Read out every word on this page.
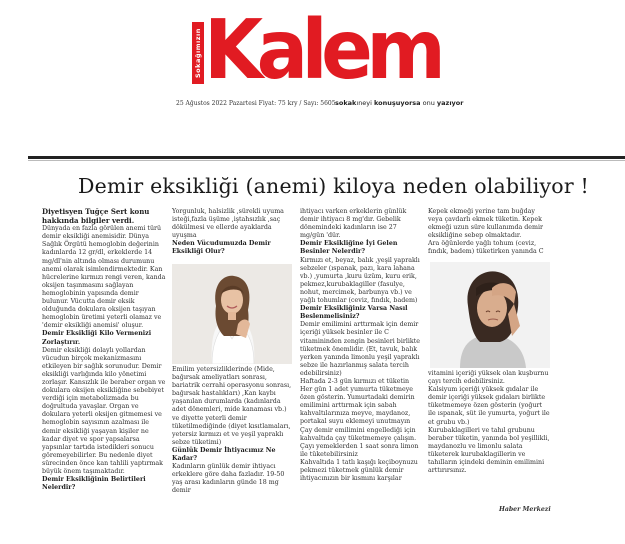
Sokağımızın Kalem
25 Ağustos 2022 Pazartesi Fiyat: 75 kry / Sayı: 5605 sokakıneyi konuşuyorsa onu yazıyor
Demir eksikliği (anemi) kiloya neden olabiliyor !

Diyetisyen Tuğçe Sert konu hakkında bilgiler verdi.

Dünyada en fazla görülen anemi türü demir eksikliği anemisidir. Dünya Sağlık Örgütü hemoglobin değerinin kadınlarda 12 gr/dl, erkeklerde 14 mg/dl'nin altında olması durumunu anemi olarak isimlendirmektedir. Kan hücrelerine kırmızı rengi veren, kanda oksijen taşınmasını sağlayan hemoglobinin yapısında demir bulunur. Vücutta demir eksik olduğunda dokulara oksijen taşıyan hemoglobin üretimi yeterli olamaz ve 'demir eksikliği anemisi' oluşur.

Demir Eksikliği Kilo Vermenizi Zorlaştırır.

Demir eksikliği dolaylı yollardan vücudun birçok mekanizmasını etkileyen bir sağlık sorunudur. Demir eksikliği varlığında kilo yönetimi zorlaşır. Kansızlık ile beraber organ ve dokulara oksijen eksikliğine sebebiyet verdiği için metabolizmada bu doğrultuda yavaşlar. Organ ve dokulara yeterli oksijen gitmemesi ve hemoglobin sayısının azalması ile demir eksikliği yaşayan kişiler ne kadar diyet ve spor yapsalarsa yapsınlar tartıda istedikleri sonucu göremeyebilirler. Bu nedenle diyet sürecinden önce kan tahlili yaptırmak büyük önem taşımaktadır.

Demir Eksikliğinin Belirtileri Nelerdir?

Yorgunluk, halsizlik ,sürekli uyuma isteği,fazla üşüme ,iştahsızlık ,saç dökülmesi ve ellerde ayaklarda uyuşma

Neden Vücudumuzda Demir Eksikliği Olur?

Emilim yetersizliklerinde (Mide, bağırsak ameliyatları sonrası, bariatrik cerrahi operasyonu sonrası, bağırsak hastalıkları) ,Kan kaybı yaşanılan durumlarda (kadınlarda adet dönemleri, mide kanaması vb.) ve diyette yeterli demir tüketilmediğinde (diyet kısıtlamaları, yetersiz kırmızı et ve yeşil yapraklı sebze tüketimi)

Günlük Demir İhtiyacımız Ne Kadar?

Kadınların günlük demir ihtiyacı erkeklere göre daha fazladır. 19-50 yaş arası kadınların günde 18 mg demir

ihtiyacı varken erkeklerin günlük demir ihtiyacı 8 mg'dır. Gebelik dönemindeki kadınların ise 27 mg/gün 'dür.

Demir Eksikliğine İyi Gelen Besinler Nelerdir?

Kırmızı et, beyaz, balık ,yeşil yapraklı sebzeler (ıspanak, pazı, kara lahana vb.) ,yumurta ,kuru üzüm, kuru erik, pekmez,kurubaklagiller (fasulye, nohut, mercimek, barbunya vb.) ve yağlı tohumlar (ceviz, fındık, badem)

Demir Eksikliğiniz Varsa Nasıl Beslenmelisiniz?

Demir emilimini arttırmak için demir içeriği yüksek besinler ile C vitamininden zengin besinleri birlikte tüketmek önemlidir. (Et, tavuk, balık yerken yanında limonlu yeşil yapraklı sebze ile hazırlanmış salata tercih edebilirsiniz)

Haftada 2-3 gün kırmızı et tüketin Her gün 1 adet yumurta tüketmeye özen gösterin. Yumurtadaki demirin emilimini arttırmak için sabah kahvaltılarınıza meyve, maydanoz, portakal suyu eklemeyi unutmayın Çay demir emilimini engellediği için kahvaltıda çay tüketmemeye çalışın. Çayı yemeklerden 1 saat sonra limon ile tüketebilirsiniz

Kahvaltıda 1 tatlı kaşığı keçiboynuzu pekmezi tüketmek günlük demir ihtiyacınızın bir kısmını karşılar

Kepek ekmeği yerine tam buğday veya çavdarlı ekmek tüketin. Kepek ekmeği uzun süre kullanımda demir eksikliğine sebep olmaktadır.

Ara öğünlerde yağlı tohum (ceviz, fındık, badem) tüketirken yanında C

vitamini içeriği yüksek olan kuşburnu çayı tercih edebilirsiniz.

Kalsiyum içeriği yüksek gıdalar ile demir içeriği yüksek gıdaları birlikte tüketmemeye özen gösterin (yoğurt ile ıspanak, süt ile yumurta, yoğurt ile et grubu vb.)

Kurubaklagilleri ve tahıl grubunu beraber tüketin, yanında bol yeşillikli, maydanozlu ve limonlu salata tüketerek kurubaklagillerin ve tahılların içindeki deminin emilimini arttırırsınız.

Haber Merkezi
